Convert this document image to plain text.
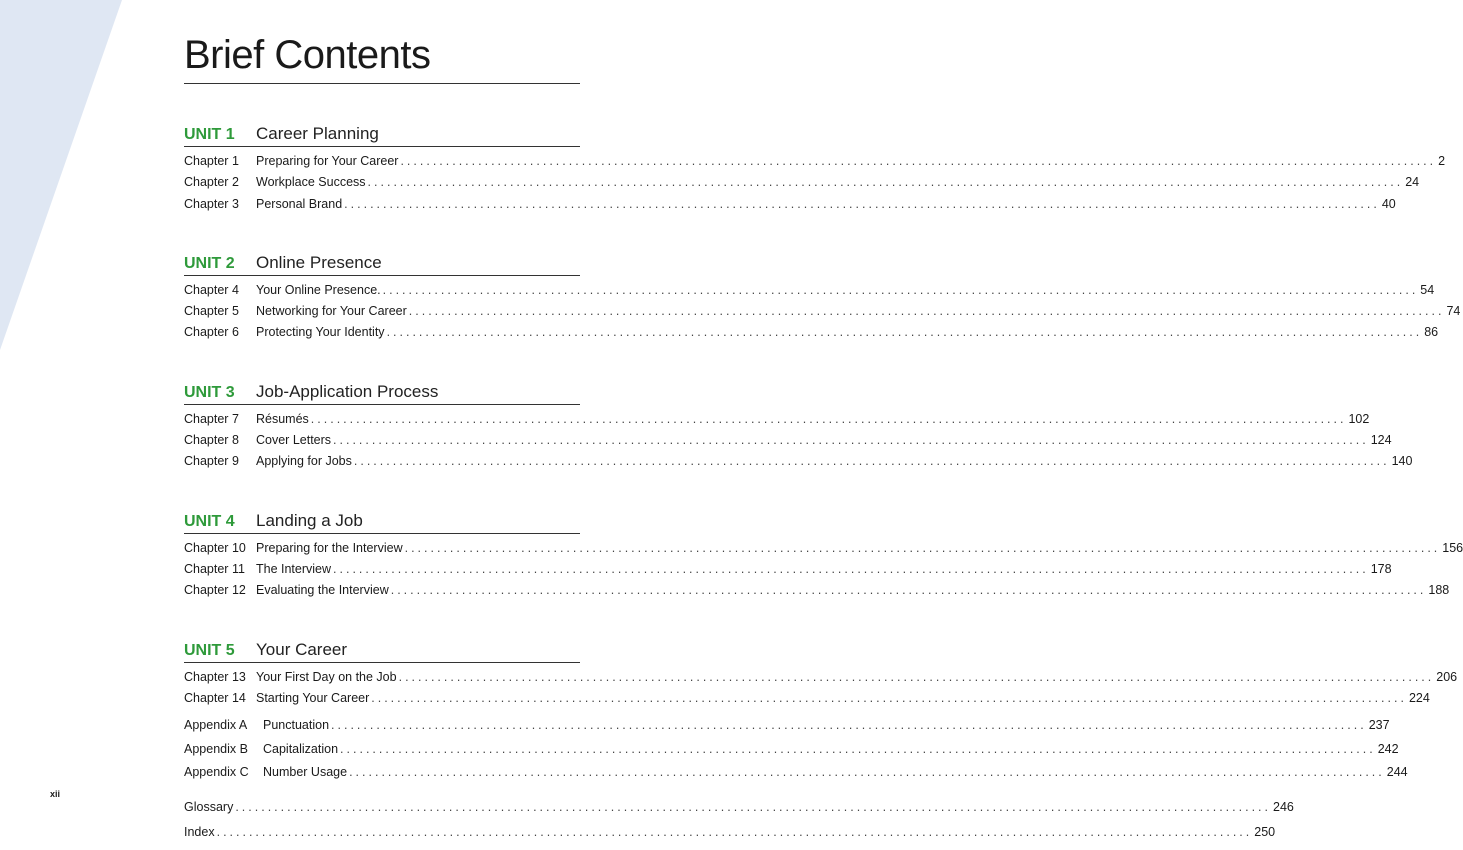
Brief Contents
UNIT 1	Career Planning
Chapter 1	Preparing for Your Career ................................................................................................................................................................ 2
Chapter 2	Workplace Success ................................................................................................................................................................ 24
Chapter 3	Personal Brand ................................................................................................................................................................ 40
UNIT 2	Online Presence
Chapter 4	Your Online Presence. ................................................................................................................................................................ 54
Chapter 5	Networking for Your Career ................................................................................................................................................................ 74
Chapter 6	Protecting Your Identity ................................................................................................................................................................ 86
UNIT 3	Job-Application Process
Chapter 7	Résumés ................................................................................................................................................................ 102
Chapter 8	Cover Letters ................................................................................................................................................................ 124
Chapter 9	Applying for Jobs ................................................................................................................................................................ 140
UNIT 4	Landing a Job
Chapter 10 Preparing for the Interview ................................................................................................................................................................ 156
Chapter 11 The Interview ................................................................................................................................................................ 178
Chapter 12 Evaluating the Interview ................................................................................................................................................................ 188
UNIT 5	Your Career
Chapter 13 Your First Day on the Job ................................................................................................................................................................ 206
Chapter 14 Starting Your Career ................................................................................................................................................................ 224
Appendix A	Punctuation ................................................................................................................................................................ 237
Appendix B	Capitalization ................................................................................................................................................................ 242
Appendix C	Number Usage ................................................................................................................................................................ 244
Glossary ................................................................................................................................................................ 246
Index ................................................................................................................................................................ 250
xii
